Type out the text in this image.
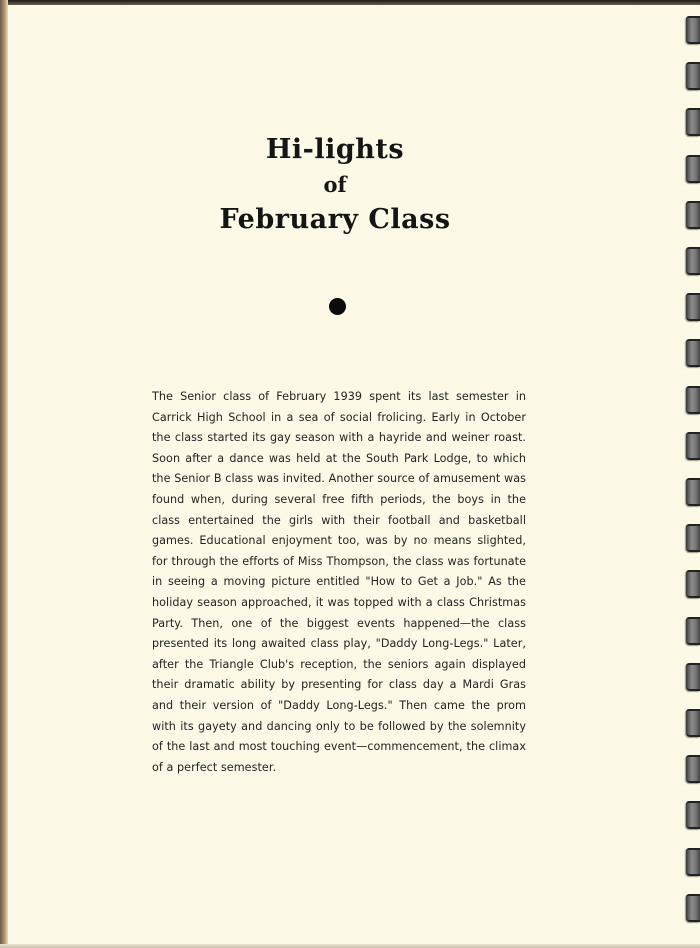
Hi-lights
of
February Class
The Senior class of February 1939 spent its last semester in
Carrick High School in a sea of social frolicing. Early in October
the class started its gay season with a hayride and weiner roast.
Soon after a dance was held at the South Park Lodge, to which
the Senior B class was invited. Another source of amusement was
found when, during several free fifth periods, the boys in the
class entertained the girls with their football and basketball
games. Educational enjoyment too, was by no means slighted,
for through the efforts of Miss Thompson, the class was fortunate
in seeing a moving picture entitled "How to Get a Job." As the
holiday season approached, it was topped with a class Christmas
Party. Then, one of the biggest events happened—the class
presented its long awaited class play, "Daddy Long-Legs." Later,
after the Triangle Club's reception, the seniors again displayed
their dramatic ability by presenting for class day a Mardi Gras
and their version of "Daddy Long-Legs." Then came the prom
with its gayety and dancing only to be followed by the solemnity
of the last and most touching event—commencement, the climax
of a perfect semester.
